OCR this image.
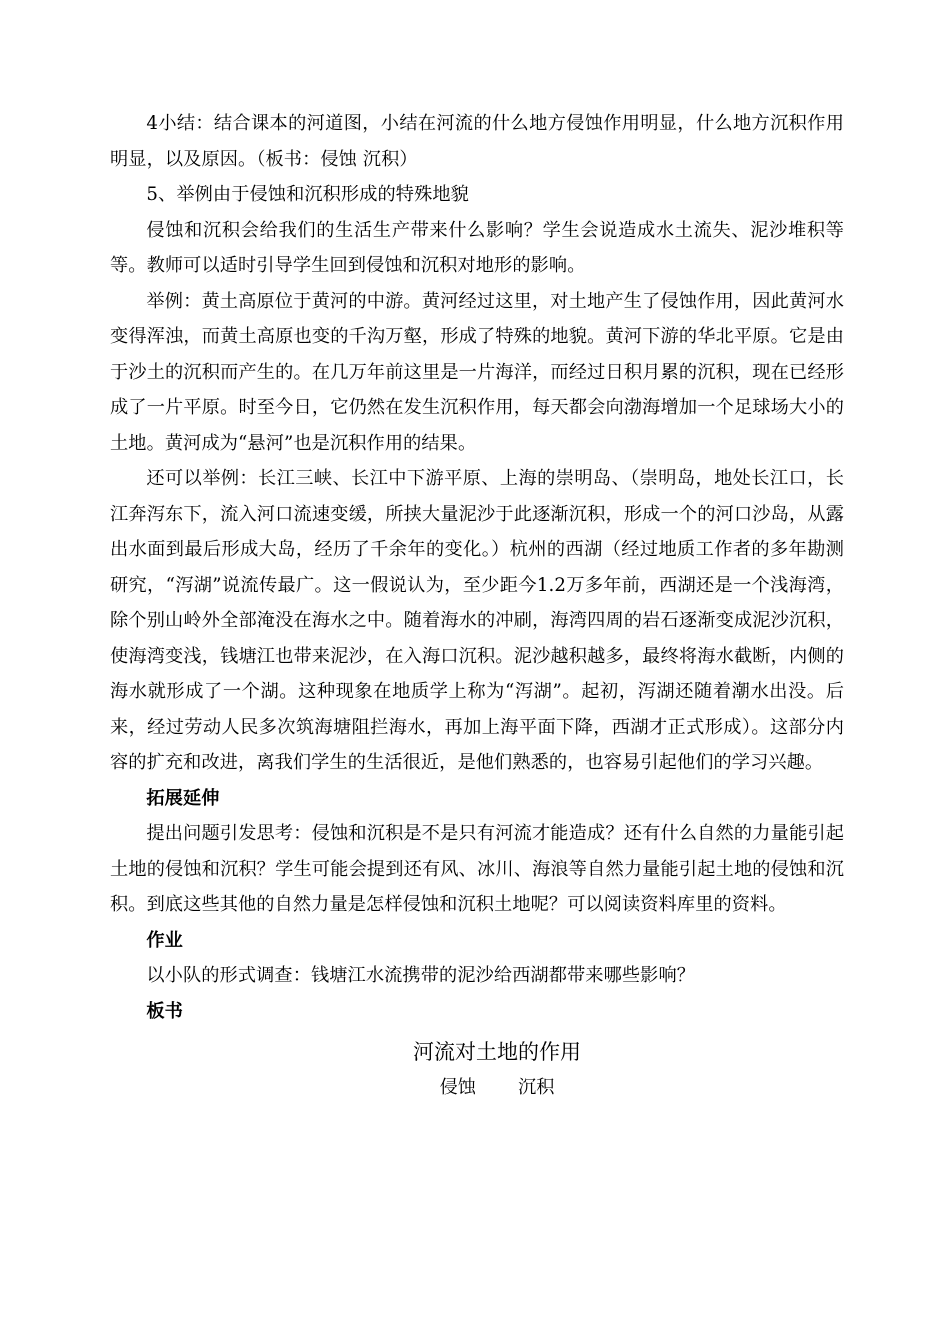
4小结：结合课本的河道图，小结在河流的什么地方侵蚀作用明显，什么地方沉积作用明显，以及原因。（板书：侵蚀 沉积）

5、举例由于侵蚀和沉积形成的特殊地貌

侵蚀和沉积会给我们的生活生产带来什么影响？学生会说造成水土流失、泥沙堆积等等。教师可以适时引导学生回到侵蚀和沉积对地形的影响。

举例：黄土高原位于黄河的中游。黄河经过这里，对土地产生了侵蚀作用，因此黄河水变得浑浊，而黄土高原也变的千沟万壑，形成了特殊的地貌。黄河下游的华北平原。它是由于沙土的沉积而产生的。在几万年前这里是一片海洋，而经过日积月累的沉积，现在已经形成了一片平原。时至今日，它仍然在发生沉积作用，每天都会向渤海增加一个足球场大小的土地。黄河成为“悬河”也是沉积作用的结果。

还可以举例：长江三峡、长江中下游平原、上海的崇明岛、（崇明岛，地处长江口，长江奔泻东下，流入河口流速变缓，所挟大量泥沙于此逐渐沉积，形成一个的河口沙岛，从露出水面到最后形成大岛，经历了千余年的变化。）杭州的西湖（经过地质工作者的多年勘测研究，“泻湖”说流传最广。这一假说认为，至少距今1.2万多年前，西湖还是一个浅海湾，除个别山岭外全部淹没在海水之中。随着海水的冲刷，海湾四周的岩石逐渐变成泥沙沉积，使海湾变浅，钱塘江也带来泥沙，在入海口沉积。泥沙越积越多，最终将海水截断，内侧的海水就形成了一个湖。这种现象在地质学上称为“泻湖”。起初，泻湖还随着潮水出没。后来，经过劳动人民多次筑海塘阻拦海水，再加上海平面下降，西湖才正式形成）。这部分内容的扩充和改进，离我们学生的生活很近，是他们熟悉的，也容易引起他们的学习兴趣。

拓展延伸

提出问题引发思考：侵蚀和沉积是不是只有河流才能造成？还有什么自然的力量能引起土地的侵蚀和沉积？学生可能会提到还有风、冰川、海浪等自然力量能引起土地的侵蚀和沉积。到底这些其他的自然力量是怎样侵蚀和沉积土地呢？可以阅读资料库里的资料。

作业

以小队的形式调查：钱塘江水流携带的泥沙给西湖都带来哪些影响？

板书

河流对土地的作用
侵蚀 沉积
